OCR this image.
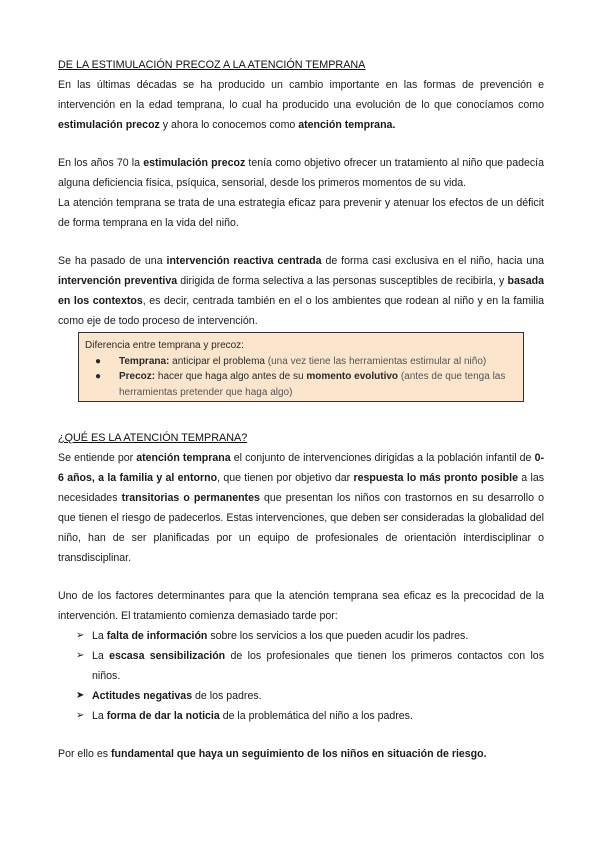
DE LA ESTIMULACIÓN PRECOZ A LA ATENCIÓN TEMPRANA
En las últimas décadas se ha producido un cambio importante en las formas de prevención e intervención en la edad temprana, lo cual ha producido una evolución de lo que conocíamos como estimulación precoz y ahora lo conocemos como atención temprana.
En los años 70 la estimulación precoz tenía como objetivo ofrecer un tratamiento al niño que padecía alguna deficiencia física, psíquica, sensorial, desde los primeros momentos de su vida.
La atención temprana se trata de una estrategia eficaz para prevenir y atenuar los efectos de un déficit de forma temprana en la vida del niño.
Se ha pasado de una intervención reactiva centrada de forma casi exclusiva en el niño, hacia una intervención preventiva dirigida de forma selectiva a las personas susceptibles de recibirla, y basada en los contextos, es decir, centrada también en el o los ambientes que rodean al niño y en la familia como eje de todo proceso de intervención.
Diferencia entre temprana y precoz:
● Temprana: anticipar el problema (una vez tiene las herramientas estimular al niño)
● Precoz: hacer que haga algo antes de su momento evolutivo (antes de que tenga las herramientas pretender que haga algo)
¿QUÉ ES LA ATENCIÓN TEMPRANA?
Se entiende por atención temprana el conjunto de intervenciones dirigidas a la población infantil de 0-6 años, a la familia y al entorno, que tienen por objetivo dar respuesta lo más pronto posible a las necesidades transitorias o permanentes que presentan los niños con trastornos en su desarrollo o que tienen el riesgo de padecerlos. Estas intervenciones, que deben ser consideradas la globalidad del niño, han de ser planificadas por un equipo de profesionales de orientación interdisciplinar o transdisciplinar.
Uno de los factores determinantes para que la atención temprana sea eficaz es la precocidad de la intervención. El tratamiento comienza demasiado tarde por:
➢ La falta de información sobre los servicios a los que pueden acudir los padres.
➢ La escasa sensibilización de los profesionales que tienen los primeros contactos con los niños.
➤ Actitudes negativas de los padres.
➢ La forma de dar la noticia de la problemática del niño a los padres.
Por ello es fundamental que haya un seguimiento de los niños en situación de riesgo.
